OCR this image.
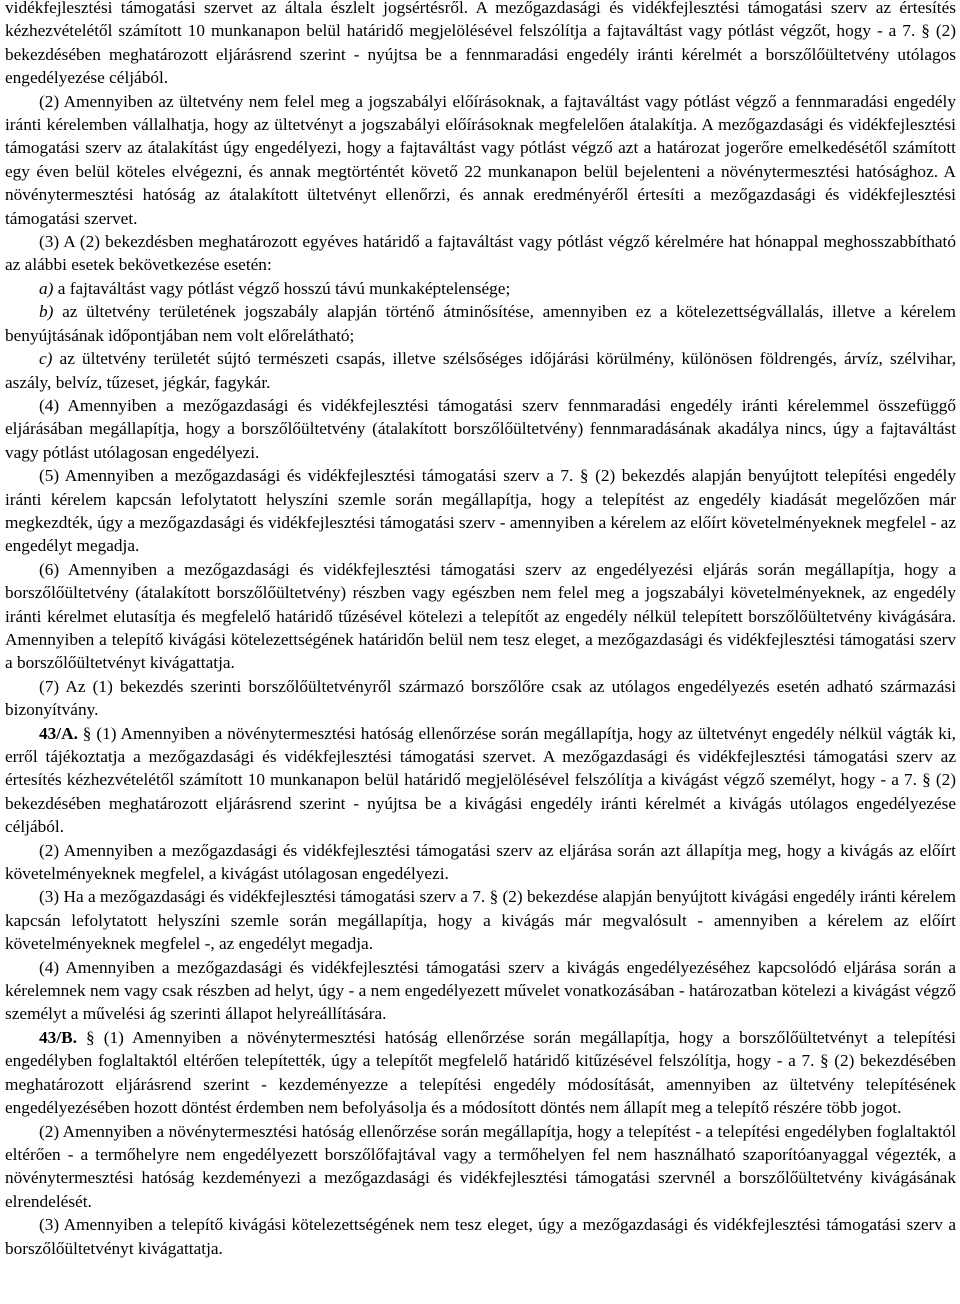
vidékfejlesztési támogatási szervet az általa észlelt jogsértésről. A mezőgazdasági és vidékfejlesztési támogatási szerv az értesítés kézhezvételétől számított 10 munkanapon belül határidő megjelölésével felszólítja a fajtaváltást vagy pótlást végzőt, hogy - a 7. § (2) bekezdésében meghatározott eljárásrend szerint - nyújtsa be a fennmaradási engedély iránti kérelmét a borszőlőültetvény utólagos engedélyezése céljából.

(2) Amennyiben az ültetvény nem felel meg a jogszabályi előírásoknak, a fajtaváltást vagy pótlást végző a fennmaradási engedély iránti kérelemben vállalhatja, hogy az ültetvényt a jogszabályi előírásoknak megfelelően átalakítja. A mezőgazdasági és vidékfejlesztési támogatási szerv az átalakítást úgy engedélyezi, hogy a fajtaváltást vagy pótlást végző azt a határozat jogerőre emelkedésétől számított egy éven belül köteles elvégezni, és annak megtörténtét követő 22 munkanapon belül bejelenteni a növénytermesztési hatósághoz. A növénytermesztési hatóság az átalakított ültetvényt ellenőrzi, és annak eredményéről értesíti a mezőgazdasági és vidékfejlesztési támogatási szervet.

(3) A (2) bekezdésben meghatározott egyéves határidő a fajtaváltást vagy pótlást végző kérelmére hat hónappal meghosszabbítható az alábbi esetek bekövetkezése esetén:

a) a fajtaváltást vagy pótlást végző hosszú távú munkaképtelensége;

b) az ültetvény területének jogszabály alapján történő átminősítése, amennyiben ez a kötelezettségvállalás, illetve a kérelem benyújtásának időpontjában nem volt előrelátható;

c) az ültetvény területét sújtó természeti csapás, illetve szélsőséges időjárási körülmény, különösen földrengés, árvíz, szélvihar, aszály, belvíz, tűzeset, jégkár, fagykár.

(4) Amennyiben a mezőgazdasági és vidékfejlesztési támogatási szerv fennmaradási engedély iránti kérelemmel összefüggő eljárásában megállapítja, hogy a borszőlőültetvény (átalakított borszőlőültetvény) fennmaradásának akadálya nincs, úgy a fajtaváltást vagy pótlást utólagosan engedélyezi.

(5) Amennyiben a mezőgazdasági és vidékfejlesztési támogatási szerv a 7. § (2) bekezdés alapján benyújtott telepítési engedély iránti kérelem kapcsán lefolytatott helyszíni szemle során megállapítja, hogy a telepítést az engedély kiadását megelőzően már megkezdték, úgy a mezőgazdasági és vidékfejlesztési támogatási szerv - amennyiben a kérelem az előírt követelményeknek megfelel - az engedélyt megadja.

(6) Amennyiben a mezőgazdasági és vidékfejlesztési támogatási szerv az engedélyezési eljárás során megállapítja, hogy a borszőlőültetvény (átalakított borszőlőültetvény) részben vagy egészben nem felel meg a jogszabályi követelményeknek, az engedély iránti kérelmet elutasítja és megfelelő határidő tűzésével kötelezi a telepítőt az engedély nélkül telepített borszőlőültetvény kivágására. Amennyiben a telepítő kivágási kötelezettségének határidőn belül nem tesz eleget, a mezőgazdasági és vidékfejlesztési támogatási szerv a borszőlőültetvényt kivágattatja.

(7) Az (1) bekezdés szerinti borszőlőültetvényről származó borszőlőre csak az utólagos engedélyezés esetén adható származási bizonyítvány.

43/A. § (1) Amennyiben a növénytermesztési hatóság ellenőrzése során megállapítja, hogy az ültetvényt engedély nélkül vágták ki, erről tájékoztatja a mezőgazdasági és vidékfejlesztési támogatási szervet. A mezőgazdasági és vidékfejlesztési támogatási szerv az értesítés kézhezvételétől számított 10 munkanapon belül határidő megjelölésével felszólítja a kivágást végző személyt, hogy - a 7. § (2) bekezdésében meghatározott eljárásrend szerint - nyújtsa be a kivágási engedély iránti kérelmét a kivágás utólagos engedélyezése céljából.

(2) Amennyiben a mezőgazdasági és vidékfejlesztési támogatási szerv az eljárása során azt állapítja meg, hogy a kivágás az előírt követelményeknek megfelel, a kivágást utólagosan engedélyezi.

(3) Ha a mezőgazdasági és vidékfejlesztési támogatási szerv a 7. § (2) bekezdése alapján benyújtott kivágási engedély iránti kérelem kapcsán lefolytatott helyszíni szemle során megállapítja, hogy a kivágás már megvalósult - amennyiben a kérelem az előírt követelményeknek megfelel -, az engedélyt megadja.

(4) Amennyiben a mezőgazdasági és vidékfejlesztési támogatási szerv a kivágás engedélyezéséhez kapcsolódó eljárása során a kérelemnek nem vagy csak részben ad helyt, úgy - a nem engedélyezett művelet vonatkozásában - határozatban kötelezi a kivágást végző személyt a művelési ág szerinti állapot helyreállítására.

43/B. § (1) Amennyiben a növénytermesztési hatóság ellenőrzése során megállapítja, hogy a borszőlőültetvényt a telepítési engedélyben foglaltaktól eltérően telepítették, úgy a telepítőt megfelelő határidő kitűzésével felszólítja, hogy - a 7. § (2) bekezdésében meghatározott eljárásrend szerint - kezdeményezze a telepítési engedély módosítását, amennyiben az ültetvény telepítésének engedélyezésében hozott döntést érdemben nem befolyásolja és a módosított döntés nem állapít meg a telepítő részére több jogot.

(2) Amennyiben a növénytermesztési hatóság ellenőrzése során megállapítja, hogy a telepítést - a telepítési engedélyben foglaltaktól eltérően - a termőhelyre nem engedélyezett borszőlőfajtával vagy a termőhelyen fel nem használható szaporítóanyaggal végezték, a növénytermesztési hatóság kezdeményezi a mezőgazdasági és vidékfejlesztési támogatási szervnél a borszőlőültetvény kivágásának elrendelését.

(3) Amennyiben a telepítő kivágási kötelezettségének nem tesz eleget, úgy a mezőgazdasági és vidékfejlesztési támogatási szerv a borszőlőültetvényt kivágattatja.
